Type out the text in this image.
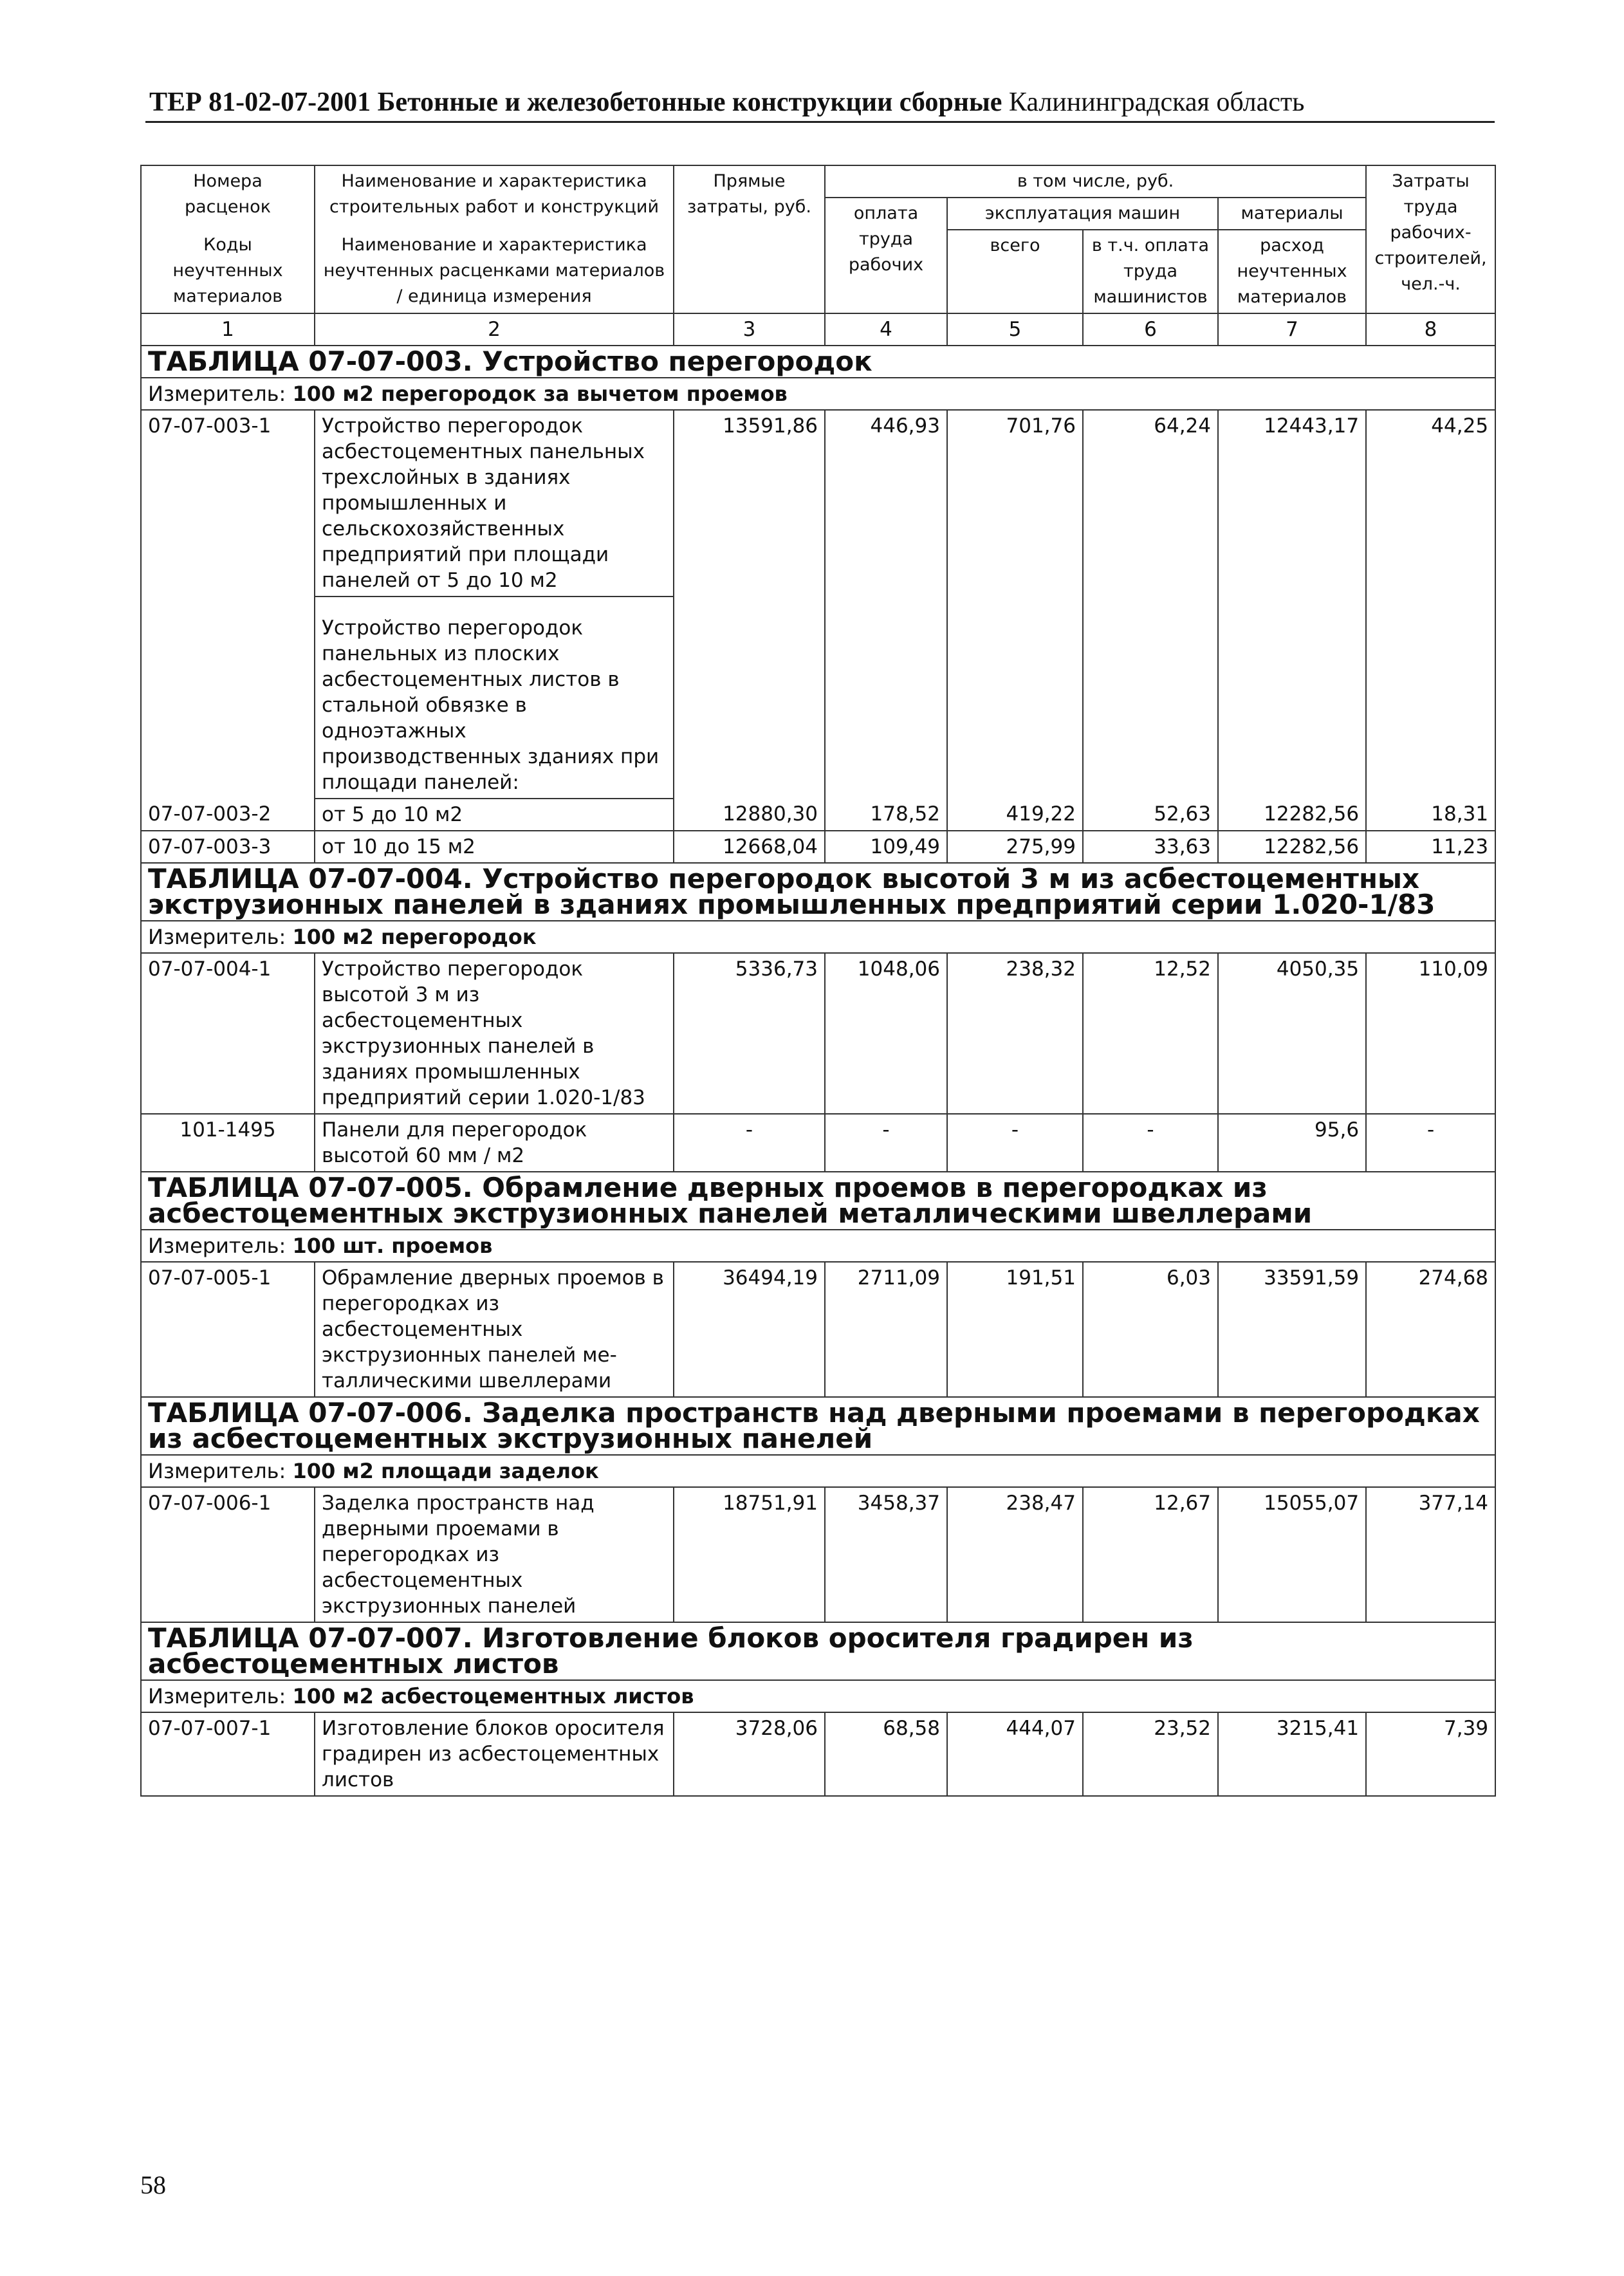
ТЕР 81-02-07-2001 Бетонные и железобетонные конструкции сборные Калининградская область
Номера расценок	Наименование и характеристика строительных работ и конструкций	Прямые затраты, руб.	в том числе, руб.				Затраты труда рабочих-строителей, чел.-ч.
			оплата труда рабочих	эксплуатация машин		материалы	
Коды неучтенных материалов	Наименование и характеристика неучтенных расценками материалов / единица измерения			всего	в т.ч. оплата труда машинистов	расход неучтенных материалов	

1	2	3	4	5	6	7	8
ТАБЛИЦА 07-07-003. Устройство перегородок							
Измеритель: 100 м2 перегородок за вычетом проемов							
07-07-003-1	Устройство перегородок асбестоцементных панельных трехслойных в зданиях промышленных и сельскохозяйственных предприятий при площади панелей от 5 до 10 м2	13591,86	446,93	701,76	64,24	12443,17	44,25
	Устройство перегородок панельных из плоских асбестоцементных листов в стальной обвязке в одноэтажных производственных зданиях при площади панелей:						
07-07-003-2	от 5 до 10 м2	12880,30	178,52	419,22	52,63	12282,56	18,31
07-07-003-3	от 10 до 15 м2	12668,04	109,49	275,99	33,63	12282,56	11,23
ТАБЛИЦА 07-07-004. Устройство перегородок высотой 3 м из асбестоцементных экструзионных панелей в зданиях промышленных предприятий серии 1.020-1/83							
Измеритель: 100 м2 перегородок							
07-07-004-1	Устройство перегородок высотой 3 м из асбестоцементных экструзионных панелей в зданиях промышленных предприятий серии 1.020-1/83	5336,73	1048,06	238,32	12,52	4050,35	110,09
101-1495	Панели для перегородок высотой 60 мм / м2	-	-	-	-	95,6	-
ТАБЛИЦА 07-07-005. Обрамление дверных проемов в перегородках из асбестоцементных экструзионных панелей металлическими швеллерами							
Измеритель: 100 шт. проемов							
07-07-005-1	Обрамление дверных проемов в перегородках из асбестоцементных экструзионных панелей ме-таллическими швеллерами	36494,19	2711,09	191,51	6,03	33591,59	274,68
ТАБЛИЦА 07-07-006. Заделка пространств над дверными проемами в перегородках из асбестоцементных экструзионных панелей							
Измеритель: 100 м2 площади заделок							
07-07-006-1	Заделка пространств над дверными проемами в перегородках из асбестоцементных экструзионных панелей	18751,91	3458,37	238,47	12,67	15055,07	377,14
ТАБЛИЦА 07-07-007. Изготовление блоков оросителя градирен из асбестоцементных листов							
Измеритель: 100 м2 асбестоцементных листов							
07-07-007-1	Изготовление блоков оросителя градирен из асбестоцементных листов	3728,06	68,58	444,07	23,52	3215,41	7,39
58
